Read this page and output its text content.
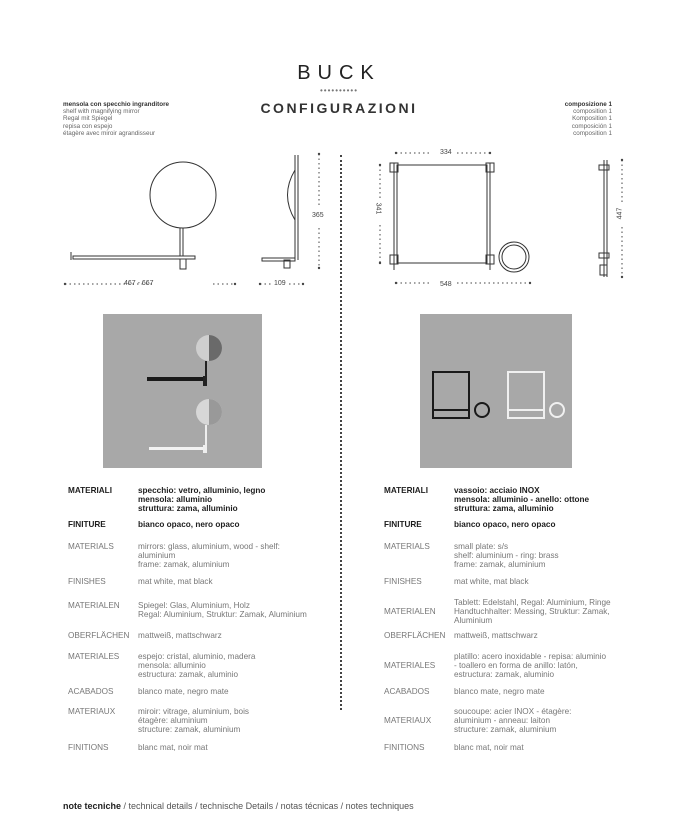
BUCK
••••••••••
CONFIGURAZIONI
mensola con specchio ingranditore
shelf with magnifying mirror
Regal mit Spiegel
repisa con espejo
étagère avec miroir agrandisseur
composizione 1
composition 1
Komposition 1
composición 1
composition 1
467 - 667	109
365
334
341
548
447
MATERIALI	specchio: vetro, alluminio, legno
mensola: alluminio
struttura: zama, alluminio
FINITURE	bianco opaco, nero opaco
MATERIALS	mirrors: glass, aluminium, wood - shelf:
aluminium
frame: zamak, aluminium
FINISHES	mat white, mat black
MATERIALEN Spiegel: Glas, Aluminium, Holz
Regal: Aluminium, Struktur: Zamak, Aluminium
OBERFLÄCHEN mattweiß, mattschwarz
MATERIALES espejo: cristal, aluminio, madera
mensola: alluminio
estructura: zamak, aluminio
ACABADOS	blanco mate, negro mate
MATERIAUX	miroir: vitrage, aluminium, bois
étagère: aluminium
structure: zamak, aluminium
FINITIONS	blanc mat, noir mat
MATERIALI	vassoio: acciaio INOX
mensola: alluminio - anello: ottone
struttura: zama, alluminio
FINITURE	bianco opaco, nero opaco
MATERIALS	small plate: s/s
shelf: aluminium - ring: brass
frame: zamak, aluminium
FINISHES	mat white, mat black
MATERIALEN
Tablett: Edelstahl, Regal: Aluminium, Ringe
Handtuchhalter: Messing, Struktur: Zamak,
Aluminium
OBERFLÄCHEN mattweiß, mattschwarz
MATERIALES
platillo: acero inoxidable - repisa: aluminio
- toallero en forma de anillo: latón,
estructura: zamak, aluminio
ACABADOS	blanco mate, negro mate
MATERIAUX
soucoupe: acier INOX - étagère:
aluminium - anneau: laiton
structure: zamak, aluminium
FINITIONS	blanc mat, noir mat
note tecniche / technical details / technische Details / notas técnicas / notes techniques
